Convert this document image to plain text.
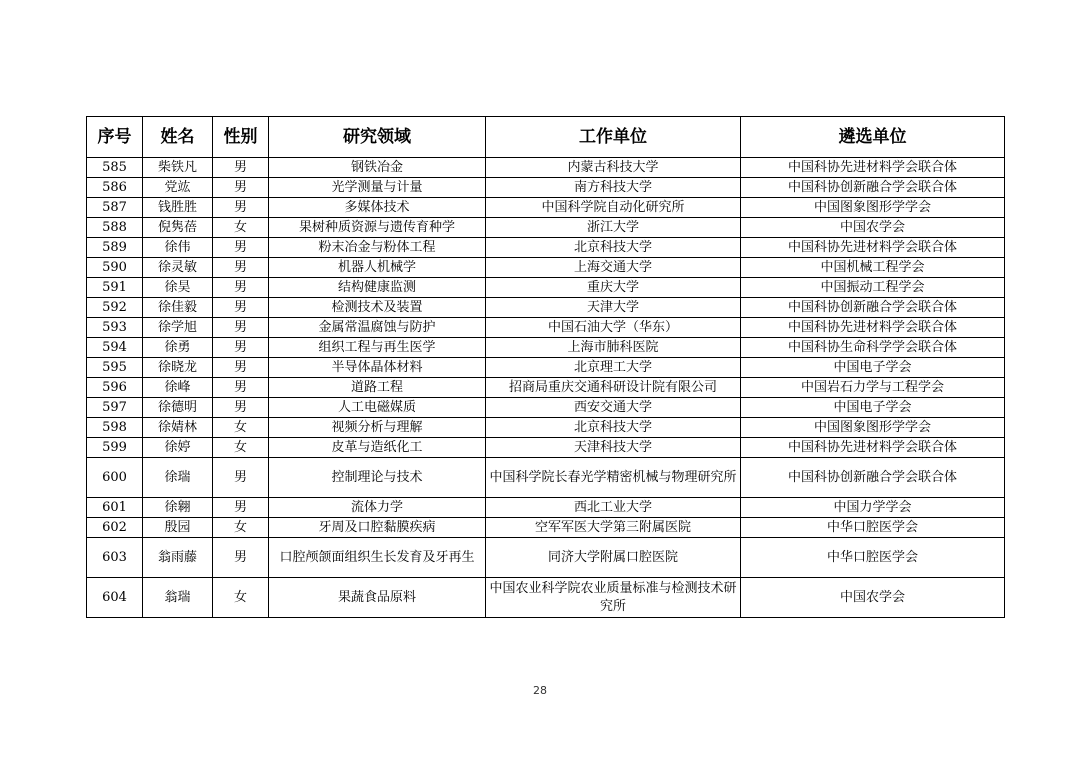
序号	姓名	性别	研究领域	工作单位	遴选单位
585	柴铁凡	男	钢铁冶金	内蒙古科技大学	中国科协先进材料学会联合体
586	党竑	男	光学测量与计量	南方科技大学	中国科协创新融合学会联合体
587	钱胜胜	男	多媒体技术	中国科学院自动化研究所	中国图象图形学学会
588	倪隽蓓	女	果树种质资源与遗传育种学	浙江大学	中国农学会
589	徐伟	男	粉末冶金与粉体工程	北京科技大学	中国科协先进材料学会联合体
590	徐灵敏	男	机器人机械学	上海交通大学	中国机械工程学会
591	徐昊	男	结构健康监测	重庆大学	中国振动工程学会
592	徐佳毅	男	检测技术及装置	天津大学	中国科协创新融合学会联合体
593	徐学旭	男	金属常温腐蚀与防护	中国石油大学（华东）	中国科协先进材料学会联合体
594	徐勇	男	组织工程与再生医学	上海市肺科医院	中国科协生命科学学会联合体
595	徐晓龙	男	半导体晶体材料	北京理工大学	中国电子学会
596	徐峰	男	道路工程	招商局重庆交通科研设计院有限公司	中国岩石力学与工程学会
597	徐德明	男	人工电磁媒质	西安交通大学	中国电子学会
598	徐婧林	女	视频分析与理解	北京科技大学	中国图象图形学学会
599	徐婷	女	皮革与造纸化工	天津科技大学	中国科协先进材料学会联合体
600	徐瑞	男	控制理论与技术	中国科学院长春光学精密机械与物理研究所	中国科协创新融合学会联合体
601	徐翱	男	流体力学	西北工业大学	中国力学学会
602	殷园	女	牙周及口腔黏膜疾病	空军军医大学第三附属医院	中华口腔医学会
603	翁雨藤	男	口腔颅颌面组织生长发育及牙再生	同济大学附属口腔医院	中华口腔医学会
604	翁瑞	女	果蔬食品原料	中国农业科学院农业质量标准与检测技术研究所	中国农学会
28
